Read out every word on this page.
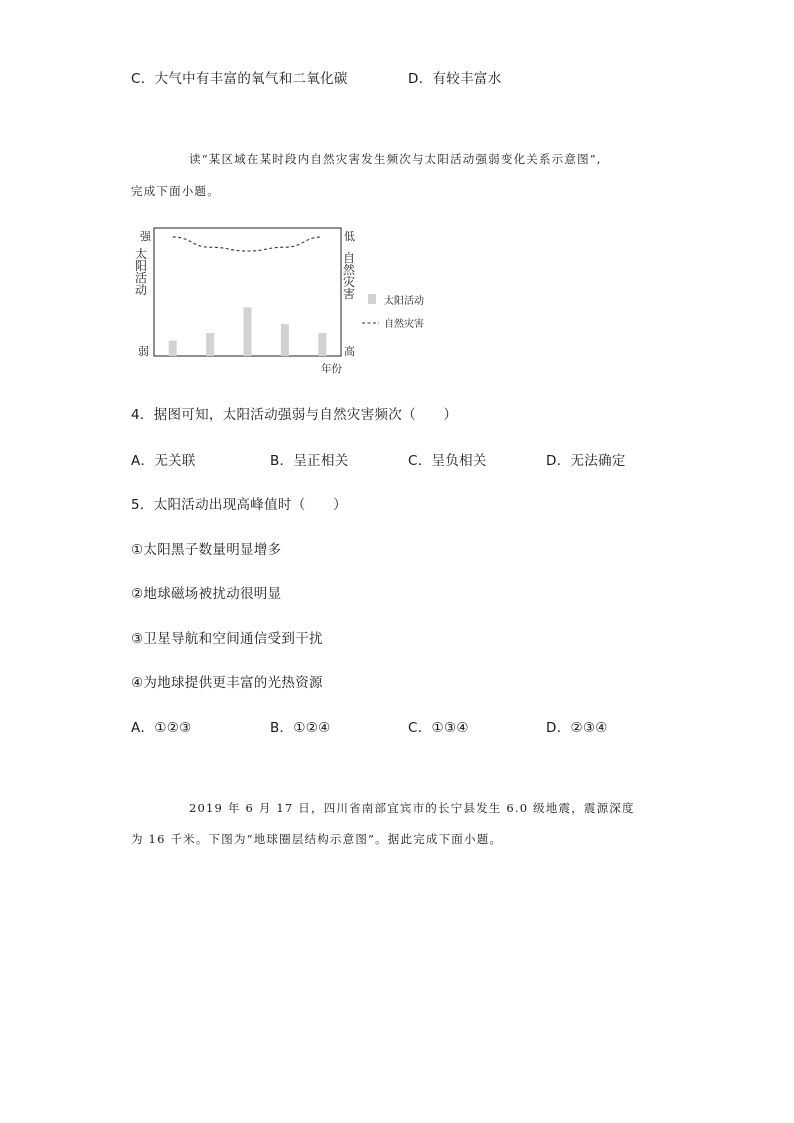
C．大气中有丰富的氧气和二氧化碳	D．有较丰富水
读“某区域在某时段内自然灾害发生频次与太阳活动强弱变化关系示意图”,
完成下面小题。
强
弱
太
阳
活
动
低
高
自
然
灾
害
年份
太阳活动
自然灾害
4．据图可知，太阳活动强弱与自然灾害频次（　　）
A．无关联	B．呈正相关	C．呈负相关	D．无法确定
5．太阳活动出现高峰值时（　　）
①太阳黑子数量明显增多
②地球磁场被扰动很明显
③卫星导航和空间通信受到干扰
④为地球提供更丰富的光热资源
A．①②③	B．①②④	C．①③④	D．②③④
2019 年 6 月 17 日，四川省南部宜宾市的长宁县发生 6.0 级地震，震源深度
为 16 千米。下图为“地球圈层结构示意图”。据此完成下面小题。
